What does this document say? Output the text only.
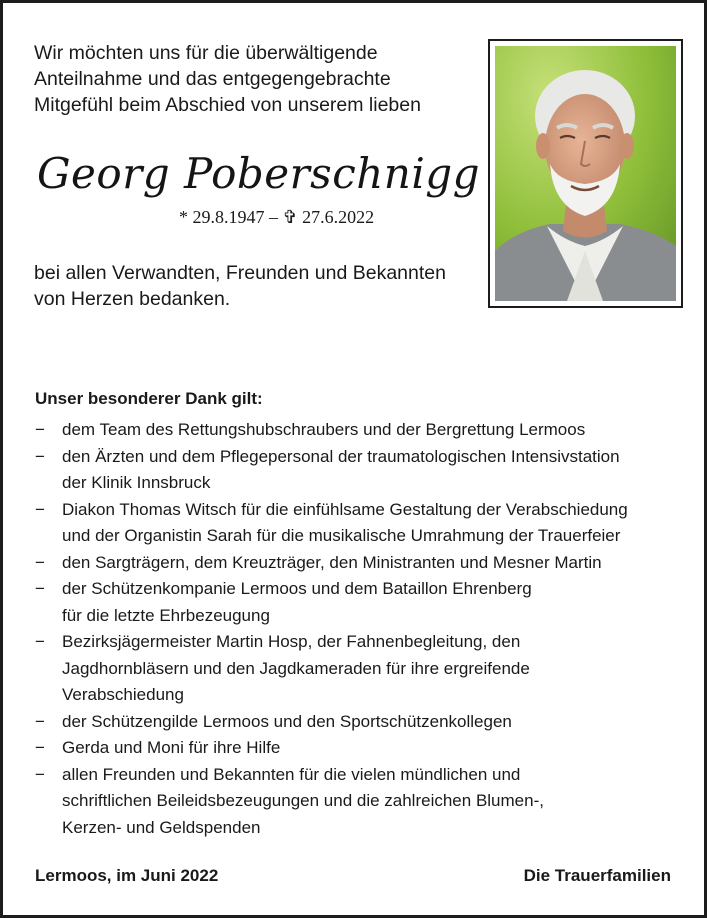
Wir möchten uns für die überwältigende
Anteilnahme und das entgegengebrachte
Mitgefühl beim Abschied von unserem lieben

Georg Poberschnigg

* 29.8.1947 – ✞ 27.6.2022

bei allen Verwandten, Freunden und Bekannten
von Herzen bedanken.

Unser besonderer Dank gilt:

− dem Team des Rettungshubschraubers und der Bergrettung Lermoos
− den Ärzten und dem Pflegepersonal der traumatologischen Intensivstation
der Klinik Innsbruck
− Diakon Thomas Witsch für die einfühlsame Gestaltung der Verabschiedung
und der Organistin Sarah für die musikalische Umrahmung der Trauerfeier
− den Sargträgern, dem Kreuzträger, den Ministranten und Mesner Martin
− der Schützenkompanie Lermoos und dem Bataillon Ehrenberg
für die letzte Ehrbezeugung
− Bezirksjägermeister Martin Hosp, der Fahnenbegleitung, den
Jagdhornbläsern und den Jagdkameraden für ihre ergreifende
Verabschiedung
− der Schützengilde Lermoos und den Sportschützenkollegen
− Gerda und Moni für ihre Hilfe
− allen Freunden und Bekannten für die vielen mündlichen und
schriftlichen Beileidsbezeugungen und die zahlreichen Blumen-,
Kerzen- und Geldspenden

Lermoos, im Juni 2022	Die Trauerfamilien
